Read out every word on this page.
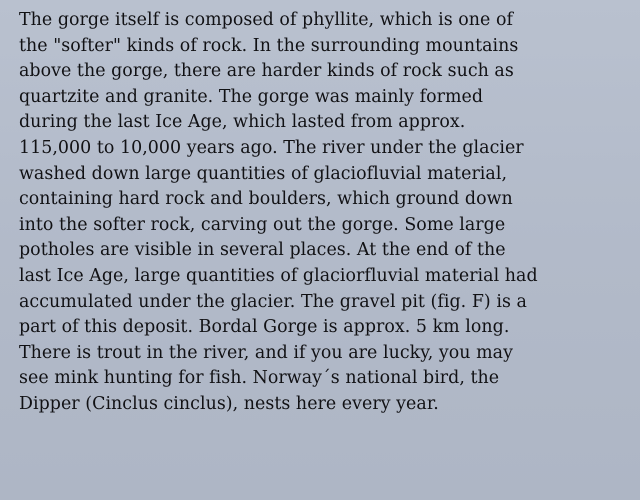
The gorge itself is composed of phyllite, which is one of
the "softer" kinds of rock. In the surrounding mountains
above the gorge, there are harder kinds of rock such as
quartzite and granite. The gorge was mainly formed
during the last Ice Age, which lasted from approx.
115,000 to 10,000 years ago. The river under the glacier
washed down large quantities of glaciofluvial material,
containing hard rock and boulders, which ground down
into the softer rock, carving out the gorge. Some large
potholes are visible in several places. At the end of the
last Ice Age, large quantities of glaciorfluvial material had
accumulated under the glacier. The gravel pit (fig. F) is a
part of this deposit. Bordal Gorge is approx. 5 km long.
There is trout in the river, and if you are lucky, you may
see mink hunting for fish. Norway´s national bird, the
Dipper (Cinclus cinclus), nests here every year.
